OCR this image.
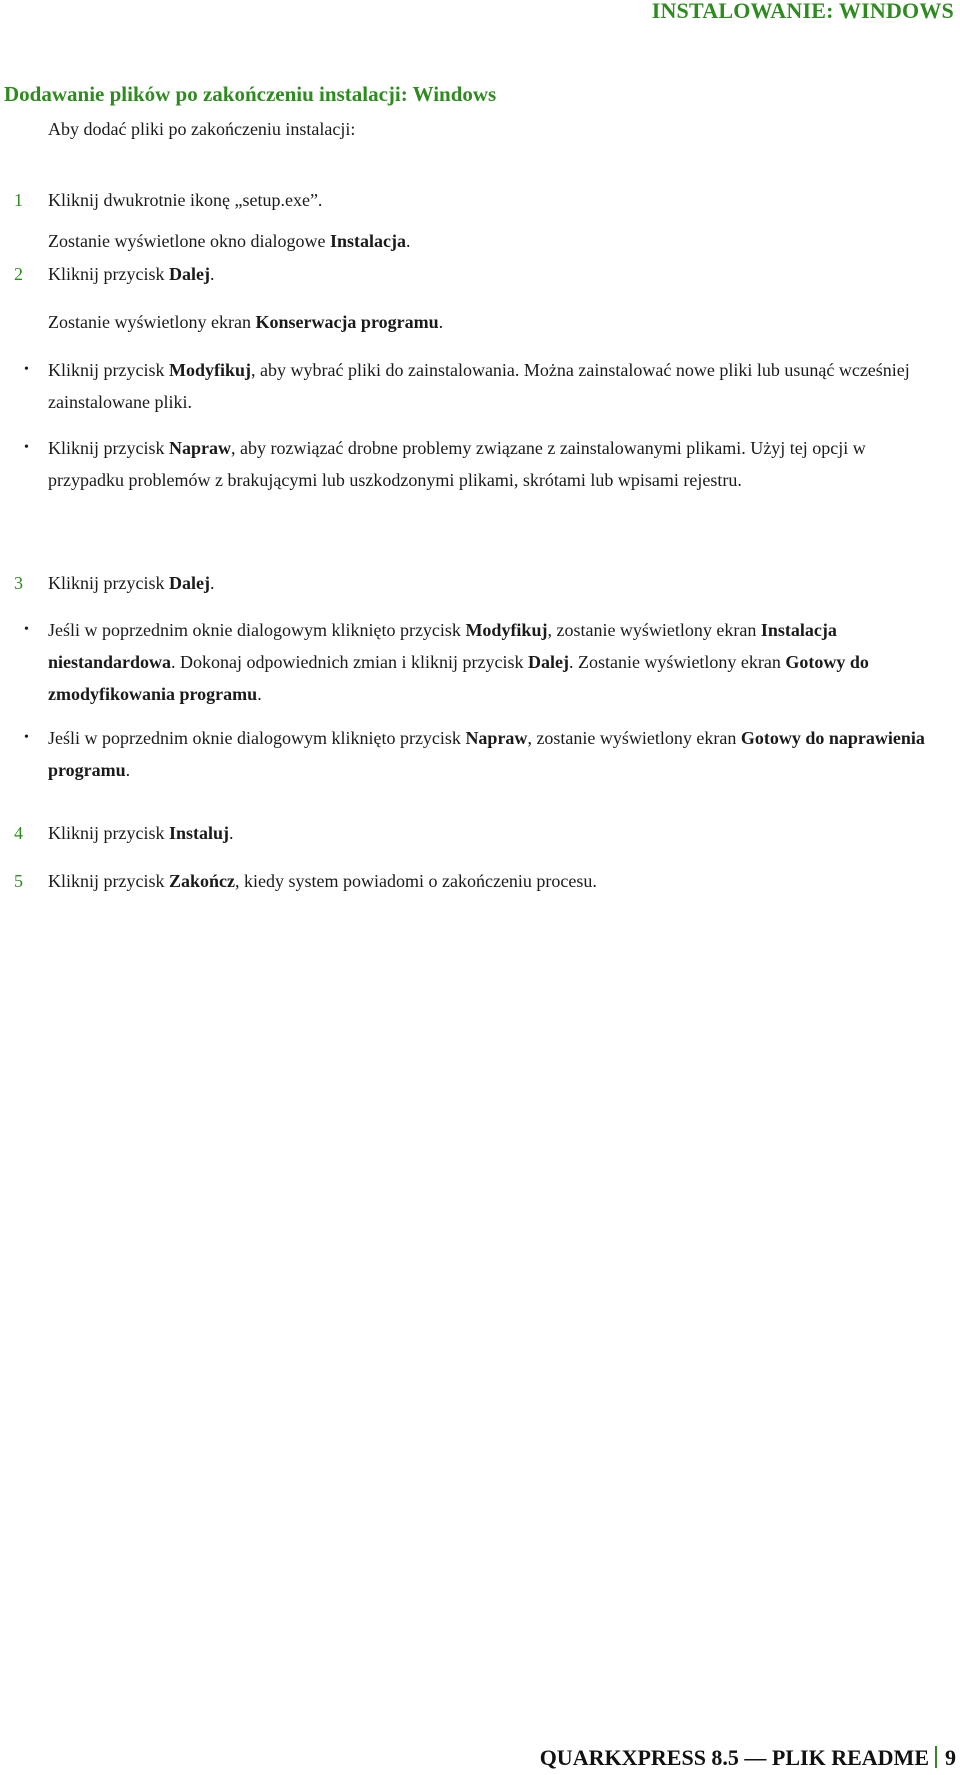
INSTALOWANIE: WINDOWS
Dodawanie plików po zakończeniu instalacji: Windows
Aby dodać pliki po zakończeniu instalacji:
1 Kliknij dwukrotnie ikonę „setup.exe”.
Zostanie wyświetlone okno dialogowe Instalacja.
2 Kliknij przycisk Dalej.
Zostanie wyświetlony ekran Konserwacja programu.
• Kliknij przycisk Modyfikuj, aby wybrać pliki do zainstalowania. Można zainstalować nowe pliki lub usunąć wcześniej zainstalowane pliki.
• Kliknij przycisk Napraw, aby rozwiązać drobne problemy związane z zainstalowanymi plikami. Użyj tej opcji w przypadku problemów z brakującymi lub uszkodzonymi plikami, skrótami lub wpisami rejestru.
3 Kliknij przycisk Dalej.
• Jeśli w poprzednim oknie dialogowym kliknięto przycisk Modyfikuj, zostanie wyświetlony ekran Instalacja niestandardowa. Dokonaj odpowiednich zmian i kliknij przycisk Dalej. Zostanie wyświetlony ekran Gotowy do zmodyfikowania programu.
• Jeśli w poprzednim oknie dialogowym kliknięto przycisk Napraw, zostanie wyświetlony ekran Gotowy do naprawienia programu.
4 Kliknij przycisk Instaluj.
5 Kliknij przycisk Zakończ, kiedy system powiadomi o zakończeniu procesu.
QUARKXPRESS 8.5 — PLIK README 9
